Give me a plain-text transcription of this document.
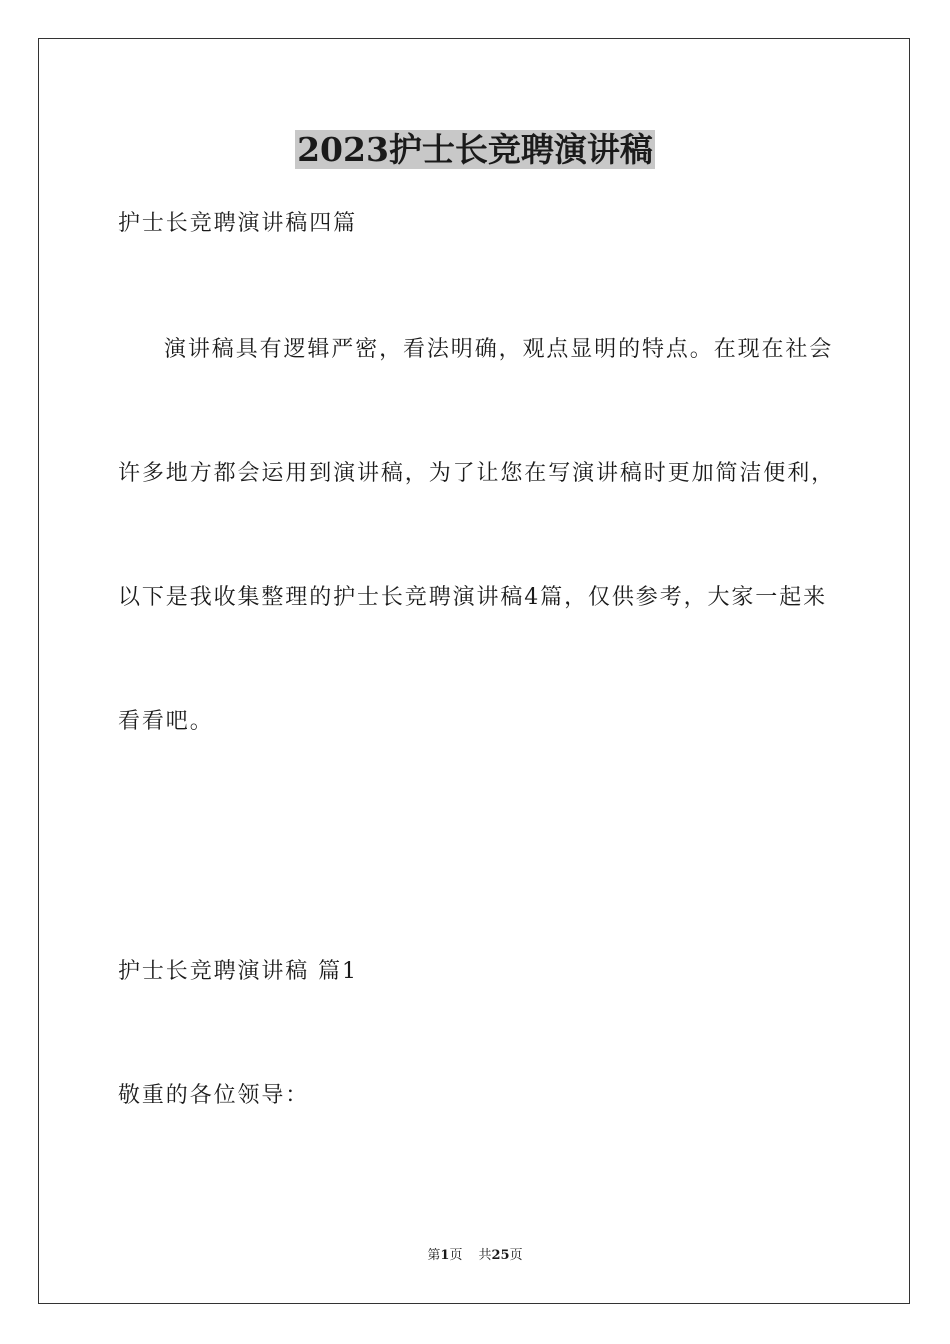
2023护士长竞聘演讲稿

护士长竞聘演讲稿四篇

演讲稿具有逻辑严密，看法明确，观点显明的特点。在现在社会

许多地方都会运用到演讲稿，为了让您在写演讲稿时更加简洁便利，

以下是我收集整理的护士长竞聘演讲稿4篇，仅供参考，大家一起来

看看吧。

护士长竞聘演讲稿 篇1

敬重的各位领导：

第1页 共25页
